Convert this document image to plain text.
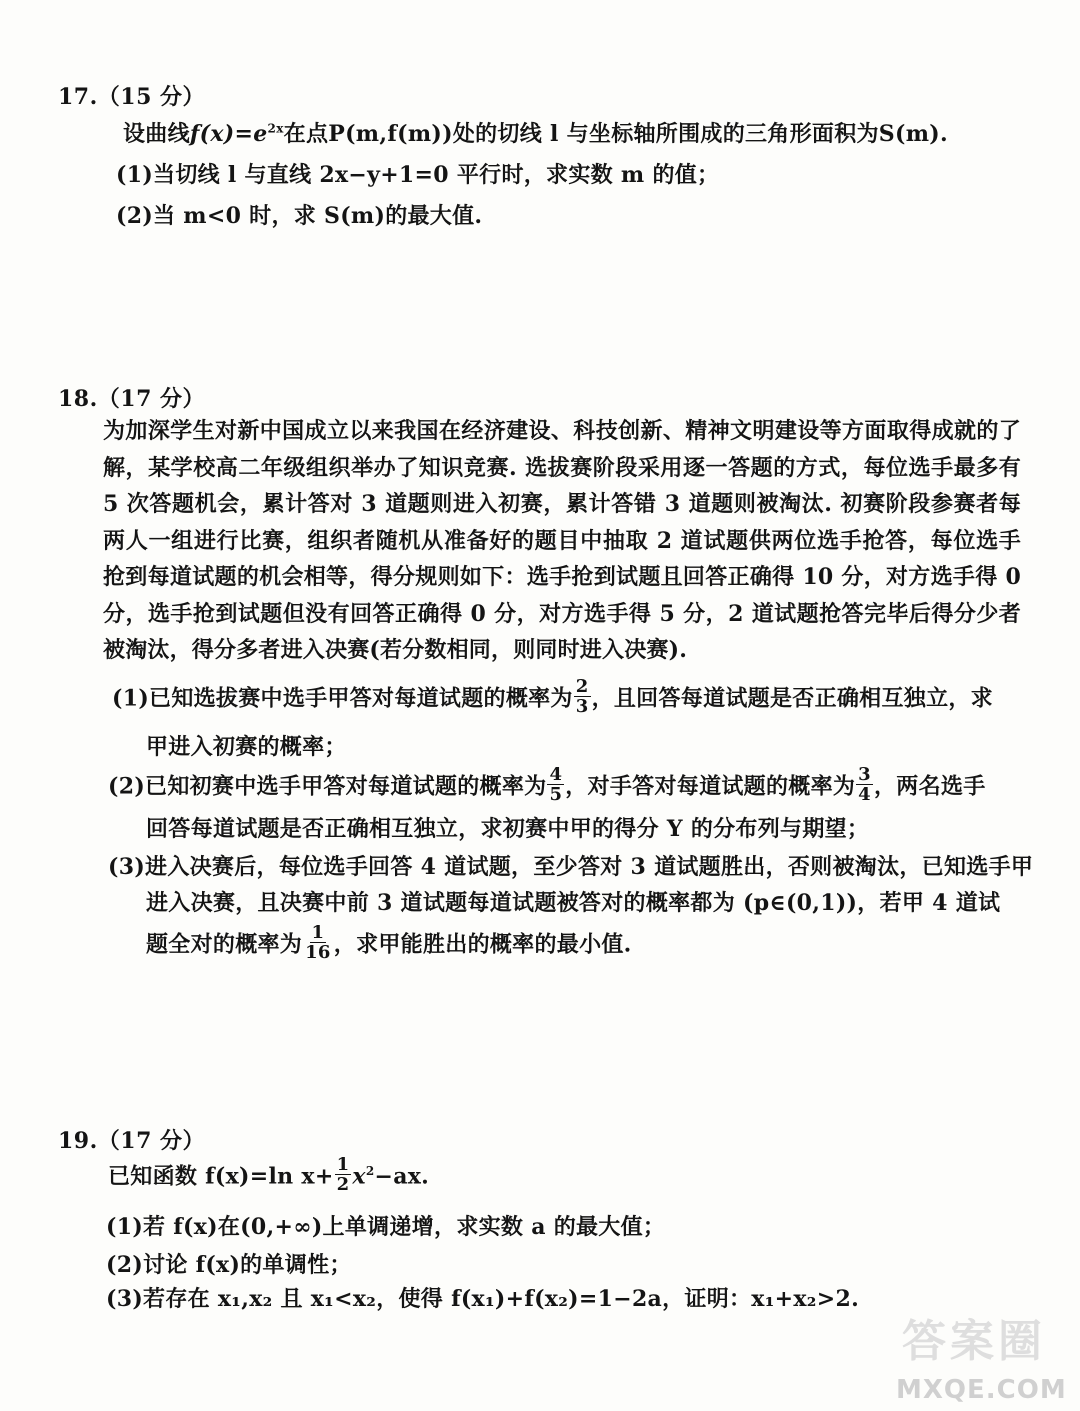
17.（15 分）
设曲线$f(x)=e^{2x}$在点P(m,f(m))处的切线 l 与坐标轴所围成的三角形面积为S(m).
(1)当切线 l 与直线 2x−y+1=0 平行时，求实数 m 的值；
(2)当 m<0 时，求 S(m)的最大值.
18.（17 分）
为加深学生对新中国成立以来我国在经济建设、科技创新、精神文明建设等方面取得成就的了解，某学校高二年级组织举办了知识竞赛. 选拔赛阶段采用逐一答题的方式，每位选手最多有 5 次答题机会，累计答对 3 道题则进入初赛，累计答错 3 道题则被淘汰. 初赛阶段参赛者每两人一组进行比赛，组织者随机从准备好的题目中抽取 2 道试题供两位选手抢答，每位选手抢到每道试题的机会相等，得分规则如下：选手抢到试题且回答正确得 10 分，对方选手得 0 分，选手抢到试题但没有回答正确得 0 分，对方选手得 5 分，2 道试题抢答完毕后得分少者被淘汰，得分多者进入决赛(若分数相同，则同时进入决赛).
(1)已知选拔赛中选手甲答对每道试题的概率为 $\frac{2}{3}$ ，且回答每道试题是否正确相互独立，求
甲进入初赛的概率；
(2)已知初赛中选手甲答对每道试题的概率为 $\frac{4}{5}$ ，对手答对每道试题的概率为 $\frac{3}{4}$ ，两名选手
回答每道试题是否正确相互独立，求初赛中甲的得分 Y 的分布列与期望；
(3)进入决赛后，每位选手回答 4 道试题，至少答对 3 道试题胜出，否则被淘汰，已知选手甲
进入决赛，且决赛中前 3 道试题每道试题被答对的概率都为 (p∈(0,1))，若甲 4 道试
题全对的概率为 $\frac{1}{16}$ ，求甲能胜出的概率的最小值.
19.（17 分）
已知函数 f(x)=ln $x+ \frac{1}{2} x^2-ax$.
(1)若 f(x)在(0,+∞)上单调递增，求实数 a 的最大值；
(2)讨论 f(x)的单调性；
(3)若存在 x₁,x₂ 且 x₁<x₂，使得 f(x₁)+f(x₂)=1−2a，证明：x₁+x₂>2.
答案圈
MXQE.COM
